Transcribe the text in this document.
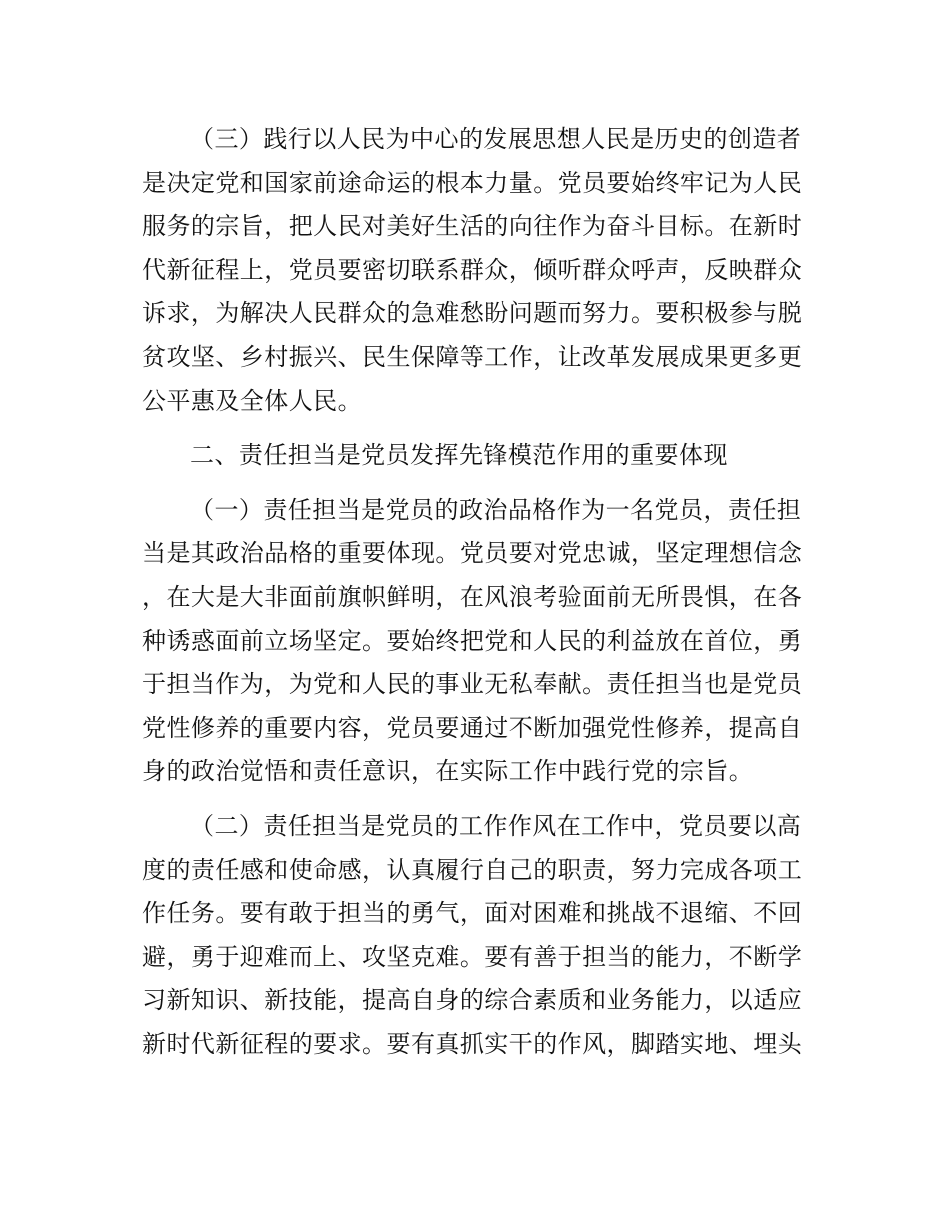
（三）践行以人民为中心的发展思想人民是历史的创造者是决定党和国家前途命运的根本力量。党员要始终牢记为人民服务的宗旨，把人民对美好生活的向往作为奋斗目标。在新时代新征程上，党员要密切联系群众，倾听群众呼声，反映群众诉求，为解决人民群众的急难愁盼问题而努力。要积极参与脱贫攻坚、乡村振兴、民生保障等工作，让改革发展成果更多更公平惠及全体人民。

二、责任担当是党员发挥先锋模范作用的重要体现

（一）责任担当是党员的政治品格作为一名党员，责任担当是其政治品格的重要体现。党员要对党忠诚，坚定理想信念，在大是大非面前旗帜鲜明，在风浪考验面前无所畏惧，在各种诱惑面前立场坚定。要始终把党和人民的利益放在首位，勇于担当作为，为党和人民的事业无私奉献。责任担当也是党员党性修养的重要内容，党员要通过不断加强党性修养，提高自身的政治觉悟和责任意识，在实际工作中践行党的宗旨。

（二）责任担当是党员的工作作风在工作中，党员要以高度的责任感和使命感，认真履行自己的职责，努力完成各项工作任务。要有敢于担当的勇气，面对困难和挑战不退缩、不回避，勇于迎难而上、攻坚克难。要有善于担当的能力，不断学习新知识、新技能，提高自身的综合素质和业务能力，以适应新时代新征程的要求。要有真抓实干的作风，脚踏实地、埋头
